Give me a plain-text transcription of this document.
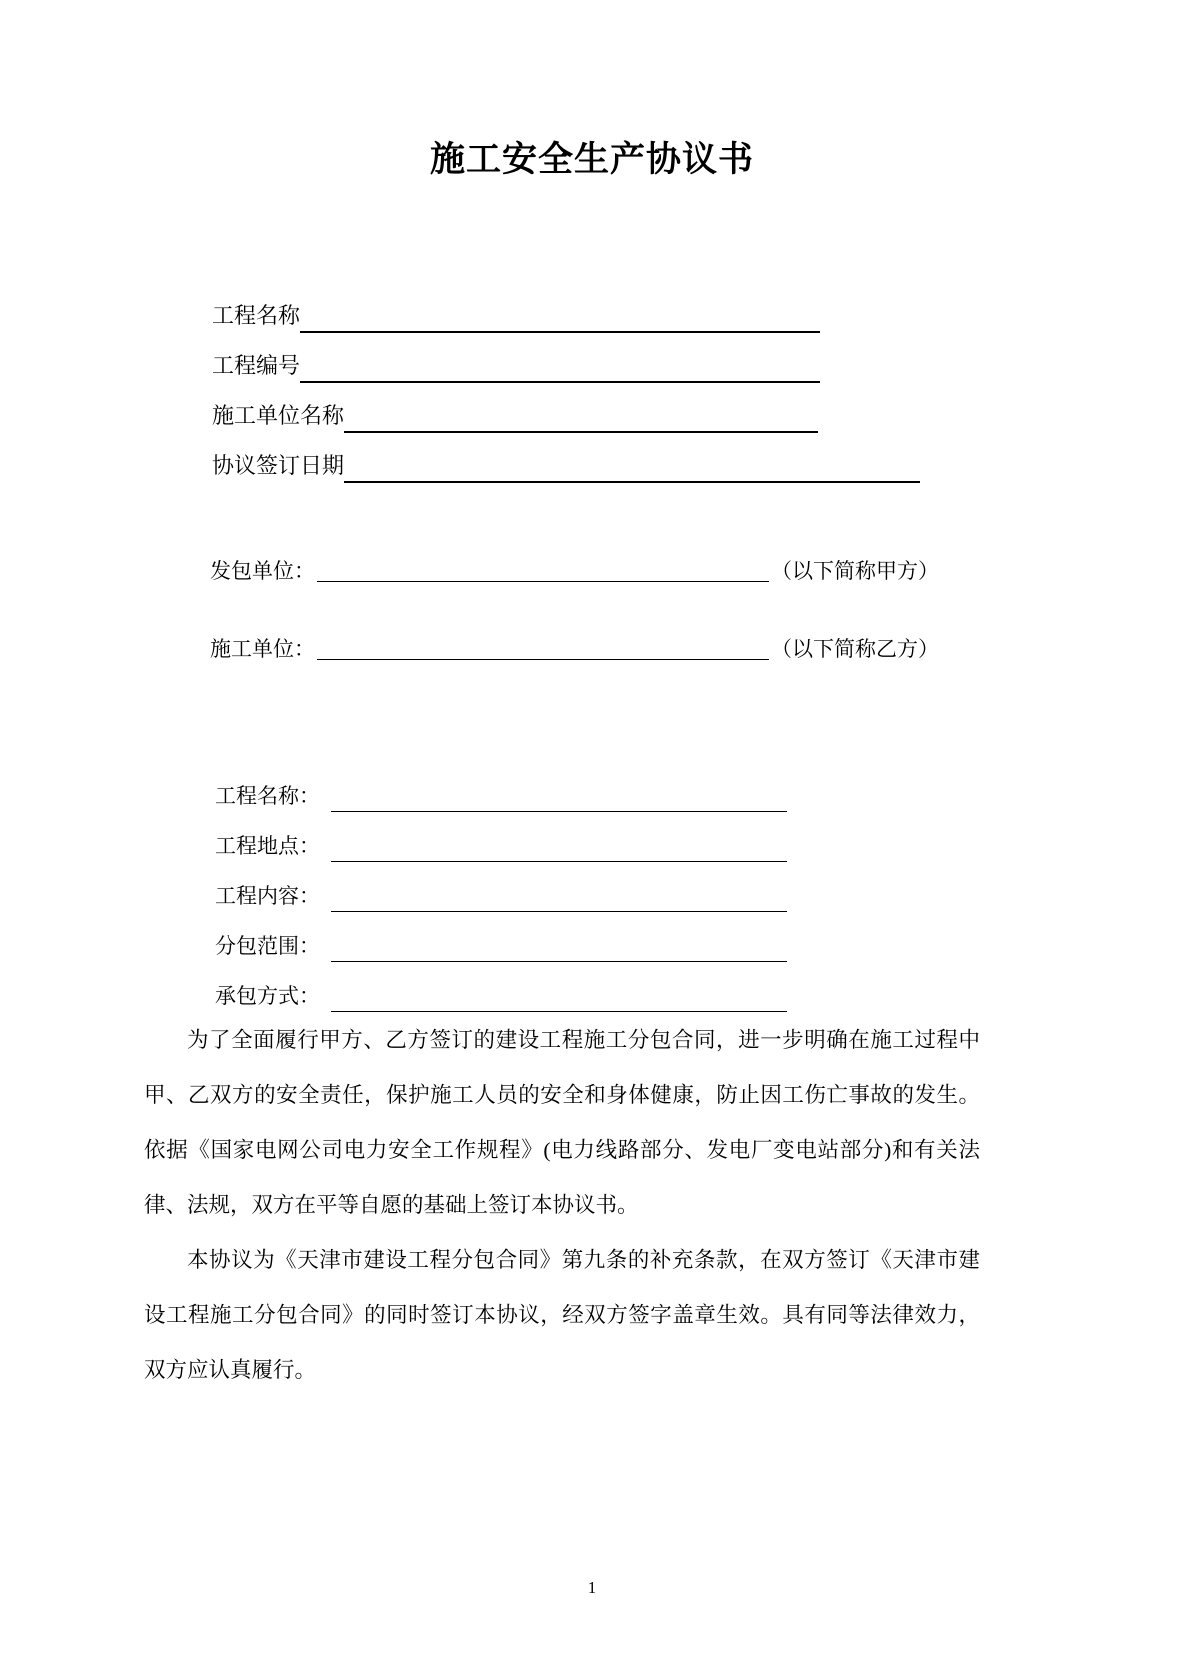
施工安全生产协议书
工程名称
工程编号
施工单位名称
协议签订日期

发包单位：	（以下简称甲方）

施工单位：	（以下简称乙方）

工程名称：
工程地点：
工程内容：
分包范围：
承包方式：

为了全面履行甲方、乙方签订的建设工程施工分包合同，进一步明确在施工过程中甲、乙双方的安全责任，保护施工人员的安全和身体健康，防止因工伤亡事故的发生。依据《国家电网公司电力安全工作规程》(电力线路部分、发电厂变电站部分)和有关法律、法规，双方在平等自愿的基础上签订本协议书。

本协议为《天津市建设工程分包合同》第九条的补充条款，在双方签订《天津市建设工程施工分包合同》的同时签订本协议，经双方签字盖章生效。具有同等法律效力，双方应认真履行。

1
